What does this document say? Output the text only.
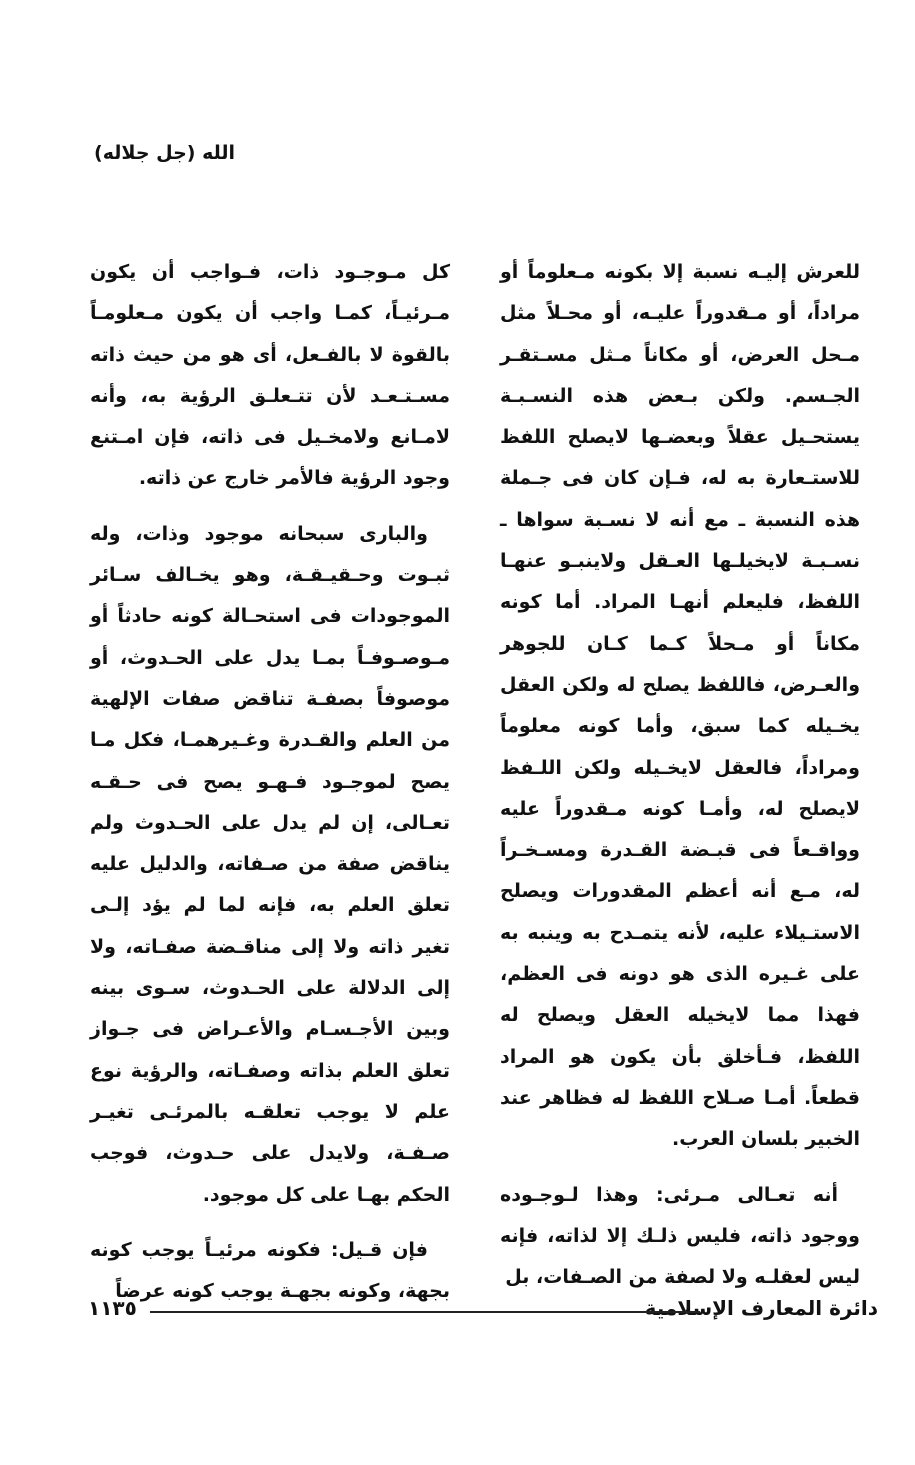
الله (جل جلاله)

للعرش إليـه نسبة إلا بكونه مـعلوماً أو مراداً، أو مـقدوراً عليـه، أو محـلاً مثل مـحل العرض، أو مكاناً مـثل مسـتقـر الجـسم. ولكن بـعض هذه النسـبـة يستحـيل عقلاً وبعضـها لايصلح اللفظ للاستـعارة به له، فـإن كان فى جـملة هذه النسبة ـ مع أنه لا نسـبة سواها ـ نسـبـة لايخيلـها العـقل ولاينبـو عنهـا اللفظ، فليعلم أنهـا المراد. أما كونه مكاناً أو مـحلاً كـما كـان للجوهر والعـرض، فاللفظ يصلح له ولكن العقل يخـيله كما سبق، وأما كونه معلوماً ومراداً، فالعقل لايخـيله ولكن اللـفظ لايصلح له، وأمـا كونه مـقدوراً عليه وواقـعاً فى قبـضة القـدرة ومسـخـراً له، مـع أنه أعظم المقدورات ويصلح الاستـيلاء عليه، لأنه يتمـدح به وينبه به على غـيره الذى هو دونه فى العظم، فهذا مما لايخيله العقل ويصلح له اللفظ، فـأخلق بأن يكون هو المراد قطعاً. أمـا صـلاح اللفظ له فظاهر عند الخبير بلسان العرب.

أنه تعـالى مـرئى: وهذا لـوجـوده ووجود ذاته، فليس ذلـك إلا لذاته، فإنه ليس لعقلـه ولا لصفة من الصـفات، بل

كل مـوجـود ذات، فـواجب أن يكون مـرئيـاً، كمـا واجب أن يكون مـعلومـاً بالقوة لا بالفـعل، أى هو من حيث ذاته مسـتـعـد لأن تتـعلـق الرؤية به، وأنه لامـانع ولامخـيل فى ذاته، فإن امـتنع وجود الرؤية فالأمر خارج عن ذاته.

والبارى سبحانه موجود وذات، وله ثبـوت وحـقيـقـة، وهو يخـالف سـائر الموجودات فى استحـالة كونه حادثاً أو مـوصـوفـاً بمـا يدل على الحـدوث، أو موصوفاً بصفـة تناقض صفات الإلهية من العلم والقـدرة وغـيرهمـا، فكل مـا يصح لموجـود فـهـو يصح فى حـقـه تعـالى، إن لم يدل على الحـدوث ولم يناقض صفة من صـفاته، والدليل عليه تعلق العلم به، فإنه لما لم يؤد إلـى تغير ذاته ولا إلى مناقـضة صفـاته، ولا إلى الدلالة على الحـدوث، سـوى بينه وبين الأجـسـام والأعـراض فى جـواز تعلق العلم بذاته وصفـاته، والرؤية نوع علم لا يوجب تعلقـه بالمرئـى تغيـر صـفـة، ولايدل على حـدوث، فوجب الحكم بهـا على كل موجود.

فإن قـيل: فكونه مرئيـاً يوجب كونه بجهة، وكونه بجهـة يوجب كونه عرضاً

دائرة المعارف الإسلامية
١١٣٥
